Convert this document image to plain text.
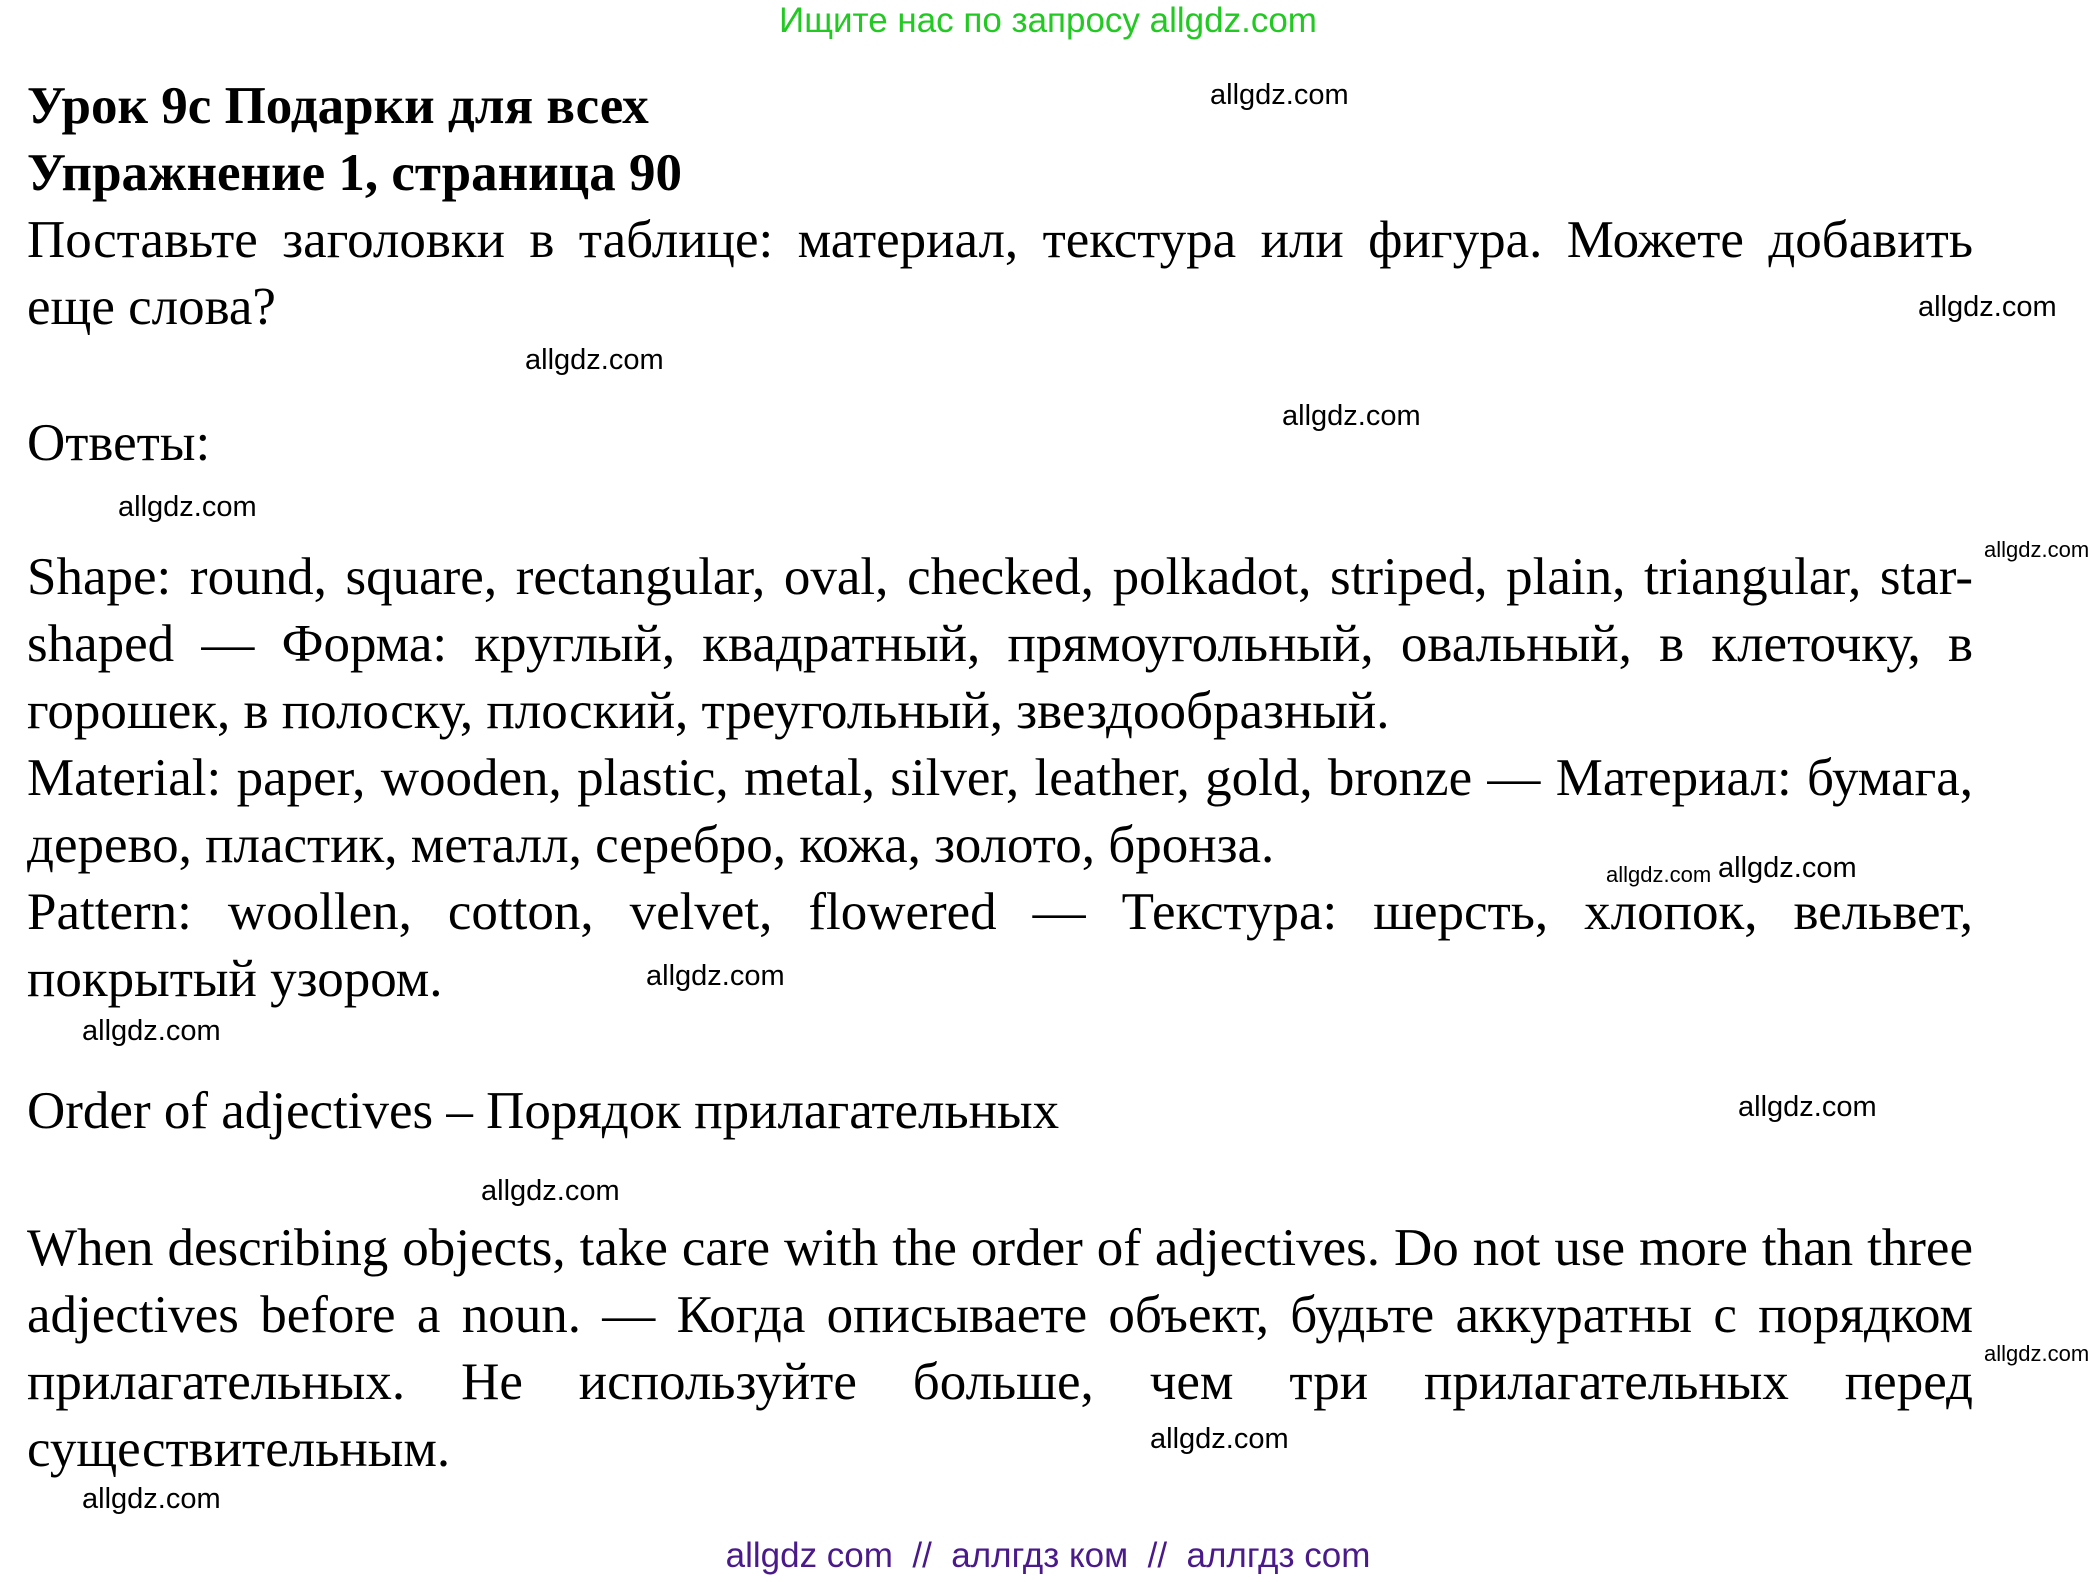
Ищите нас по запросу allgdz.com

Урок 9c Подарки для всех

Упражнение 1, страница 90

Поставьте заголовки в таблице: материал, текстура или фигура. Можете добавить еще слова?

Ответы:

Shape: round, square, rectangular, oval, checked, polkadot, striped, plain, triangular, star-shaped — Форма: круглый, квадратный, прямоугольный, овальный, в клеточку, в горошек, в полоску, плоский, треугольный, звездообразный.

Material: paper, wooden, plastic, metal, silver, leather, gold, bronze — Материал: бумага, дерево, пластик, металл, серебро, кожа, золото, бронза.

Pattern: woollen, cotton, velvet, flowered — Текстура: шерсть, хлопок, вельвет, покрытый узором.

Order of adjectives – Порядок прилагательных

When describing objects, take care with the order of adjectives. Do not use more than three adjectives before a noun. — Когда описываете объект, будьте аккуратны с порядком прилагательных. Не используйте больше, чем три прилагательных перед существительным.

allgdz.com
allgdz.com
allgdz.com
allgdz.com
allgdz.com
allgdz.com
allgdz.com allgdz.com
allgdz.com
allgdz.com
allgdz.com
allgdz.com
allgdz.com
allgdz.com
allgdz.com
allgdz com  //  аллгдз ком  //  аллгдз com
